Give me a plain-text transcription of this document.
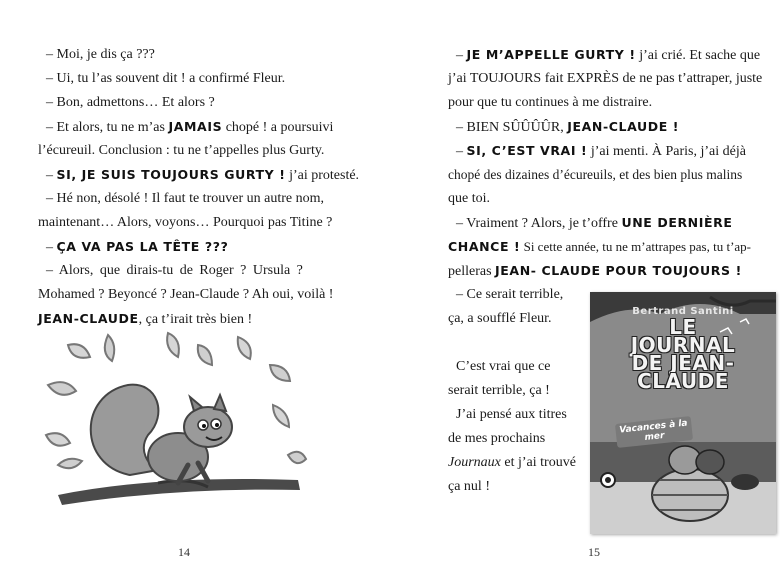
– Moi, je dis ça ???
– Ui, tu l’as souvent dit ! a confirmé Fleur.
– Bon, admettons… Et alors ?
– Et alors, tu ne m’as JAMAIS chopé ! a poursuivi
l’écureuil. Conclusion : tu ne t’appelles plus Gurty.
– SI, JE SUIS TOUJOURS GURTY ! j’ai protesté.
– Hé non, désolé ! Il faut te trouver un autre nom,
maintenant… Alors, voyons… Pourquoi pas Titine ?
– ÇA VA PAS LA TÊTE ???
– Alors, que dirais-tu de Roger ? Ursula ?
Mohamed ? Beyoncé ? Jean-Claude ? Ah oui, voilà !
JEAN-CLAUDE, ça t’irait très bien !
14
– JE M’APPELLE GURTY ! j’ai crié. Et sache que
j’ai TOUJOURS fait EXPRÈS de ne pas t’attraper, juste
pour que tu continues à me distraire.
– BIEN SÛÛÛÛR, JEAN-CLAUDE !
– SI, C’EST VRAI ! j’ai menti. À Paris, j’ai déjà
chopé des dizaines d’écureuils, et des bien plus malins
que toi.
– Vraiment ? Alors, je t’offre UNE DERNIÈRE
CHANCE ! Si cette année, tu ne m’attrapes pas, tu t’ap-
pelleras JEAN- CLAUDE POUR TOUJOURS !
– Ce serait terrible,
ça, a soufflé Fleur.
C’est vrai que ce
serait terrible, ça !
J’ai pensé aux titres
de mes prochains
Journaux et j’ai trouvé
ça nul !
Bertrand Santini
LE
JOURNAL
DE JEAN-CLAUDE
Vacances à la mer
15
